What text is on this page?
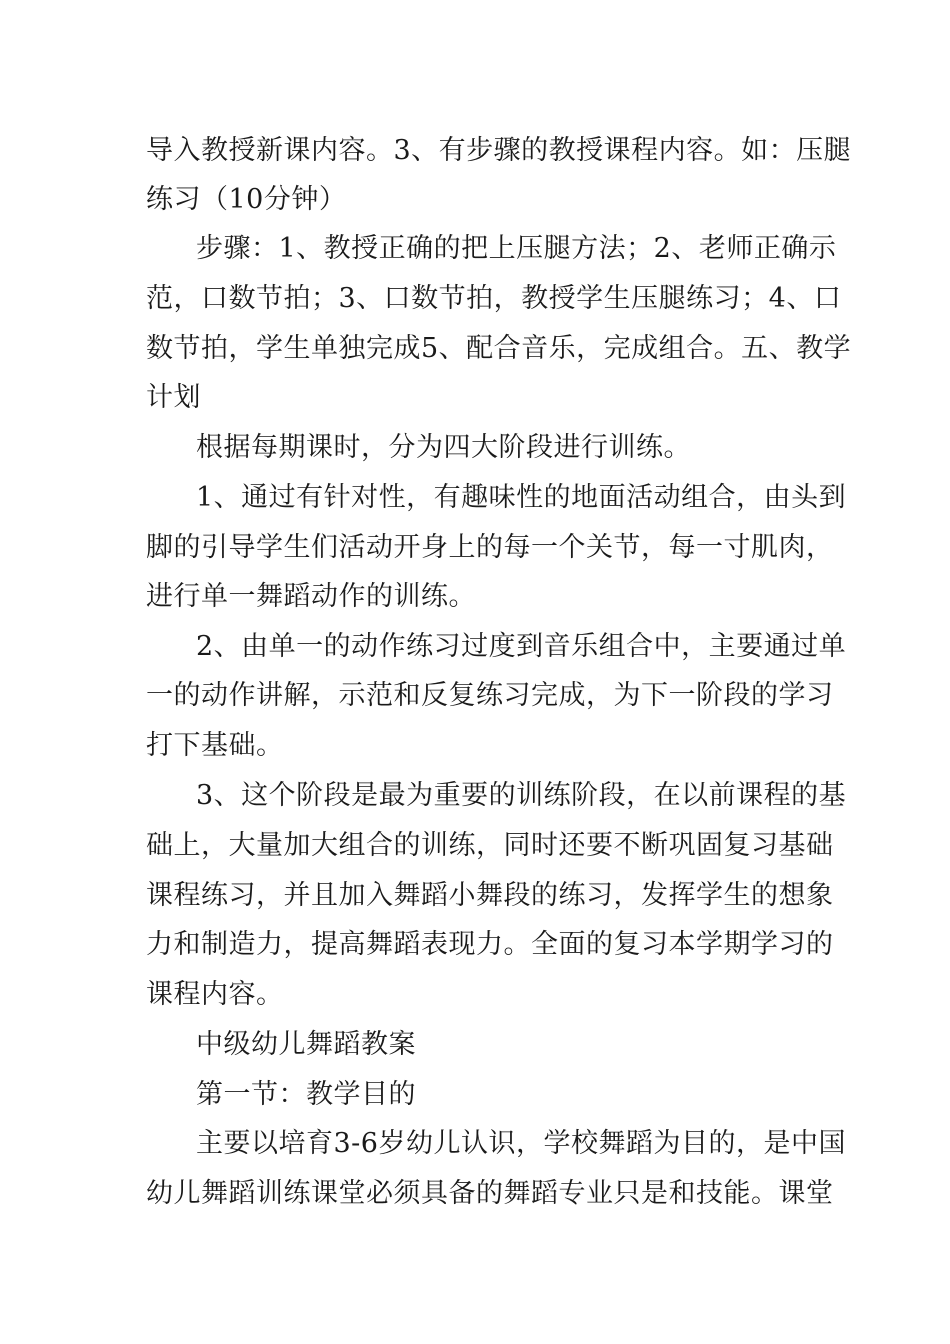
导入教授新课内容。3、有步骤的教授课程内容。如：压腿
练习（10分钟）
步骤：1、教授正确的把上压腿方法；2、老师正确示
范，口数节拍；3、口数节拍，教授学生压腿练习；4、口
数节拍，学生单独完成5、配合音乐，完成组合。五、教学
计划
根据每期课时，分为四大阶段进行训练。
1、通过有针对性，有趣味性的地面活动组合，由头到
脚的引导学生们活动开身上的每一个关节，每一寸肌肉，
进行单一舞蹈动作的训练。
2、由单一的动作练习过度到音乐组合中，主要通过单
一的动作讲解，示范和反复练习完成，为下一阶段的学习
打下基础。
3、这个阶段是最为重要的训练阶段，在以前课程的基
础上，大量加大组合的训练，同时还要不断巩固复习基础
课程练习，并且加入舞蹈小舞段的练习，发挥学生的想象
力和制造力，提高舞蹈表现力。全面的复习本学期学习的
课程内容。
中级幼儿舞蹈教案
第一节：教学目的
主要以培育3-6岁幼儿认识，学校舞蹈为目的，是中国
幼儿舞蹈训练课堂必须具备的舞蹈专业只是和技能。课堂
